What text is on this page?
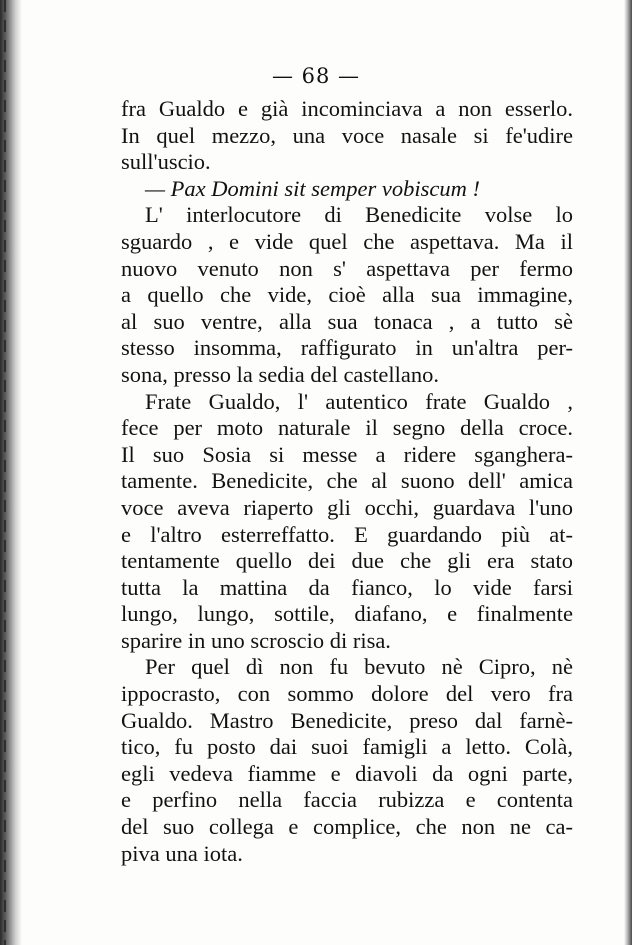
— 68 —
fra Gualdo e già incominciava a non esserlo.
In quel mezzo, una voce nasale si fe'udire
sull'uscio.
— Pax Domini sit semper vobiscum !
L' interlocutore di Benedicite volse lo
sguardo , e vide quel che aspettava. Ma il
nuovo venuto non s' aspettava per fermo
a quello che vide, cioè alla sua immagine,
al suo ventre, alla sua tonaca , a tutto sè
stesso insomma, raffigurato in un'altra per-
sona, presso la sedia del castellano.
Frate Gualdo, l' autentico frate Gualdo ,
fece per moto naturale il segno della croce.
Il suo Sosia si messe a ridere sganghera-
tamente. Benedicite, che al suono dell' amica
voce aveva riaperto gli occhi, guardava l'uno
e l'altro esterreffatto. E guardando più at-
tentamente quello dei due che gli era stato
tutta la mattina da fianco, lo vide farsi
lungo, lungo, sottile, diafano, e finalmente
sparire in uno scroscio di risa.
Per quel dì non fu bevuto nè Cipro, nè
ippocrasto, con sommo dolore del vero fra
Gualdo. Mastro Benedicite, preso dal farnè-
tico, fu posto dai suoi famigli a letto. Colà,
egli vedeva fiamme e diavoli da ogni parte,
e perfino nella faccia rubizza e contenta
del suo collega e complice, che non ne ca-
piva una iota.
